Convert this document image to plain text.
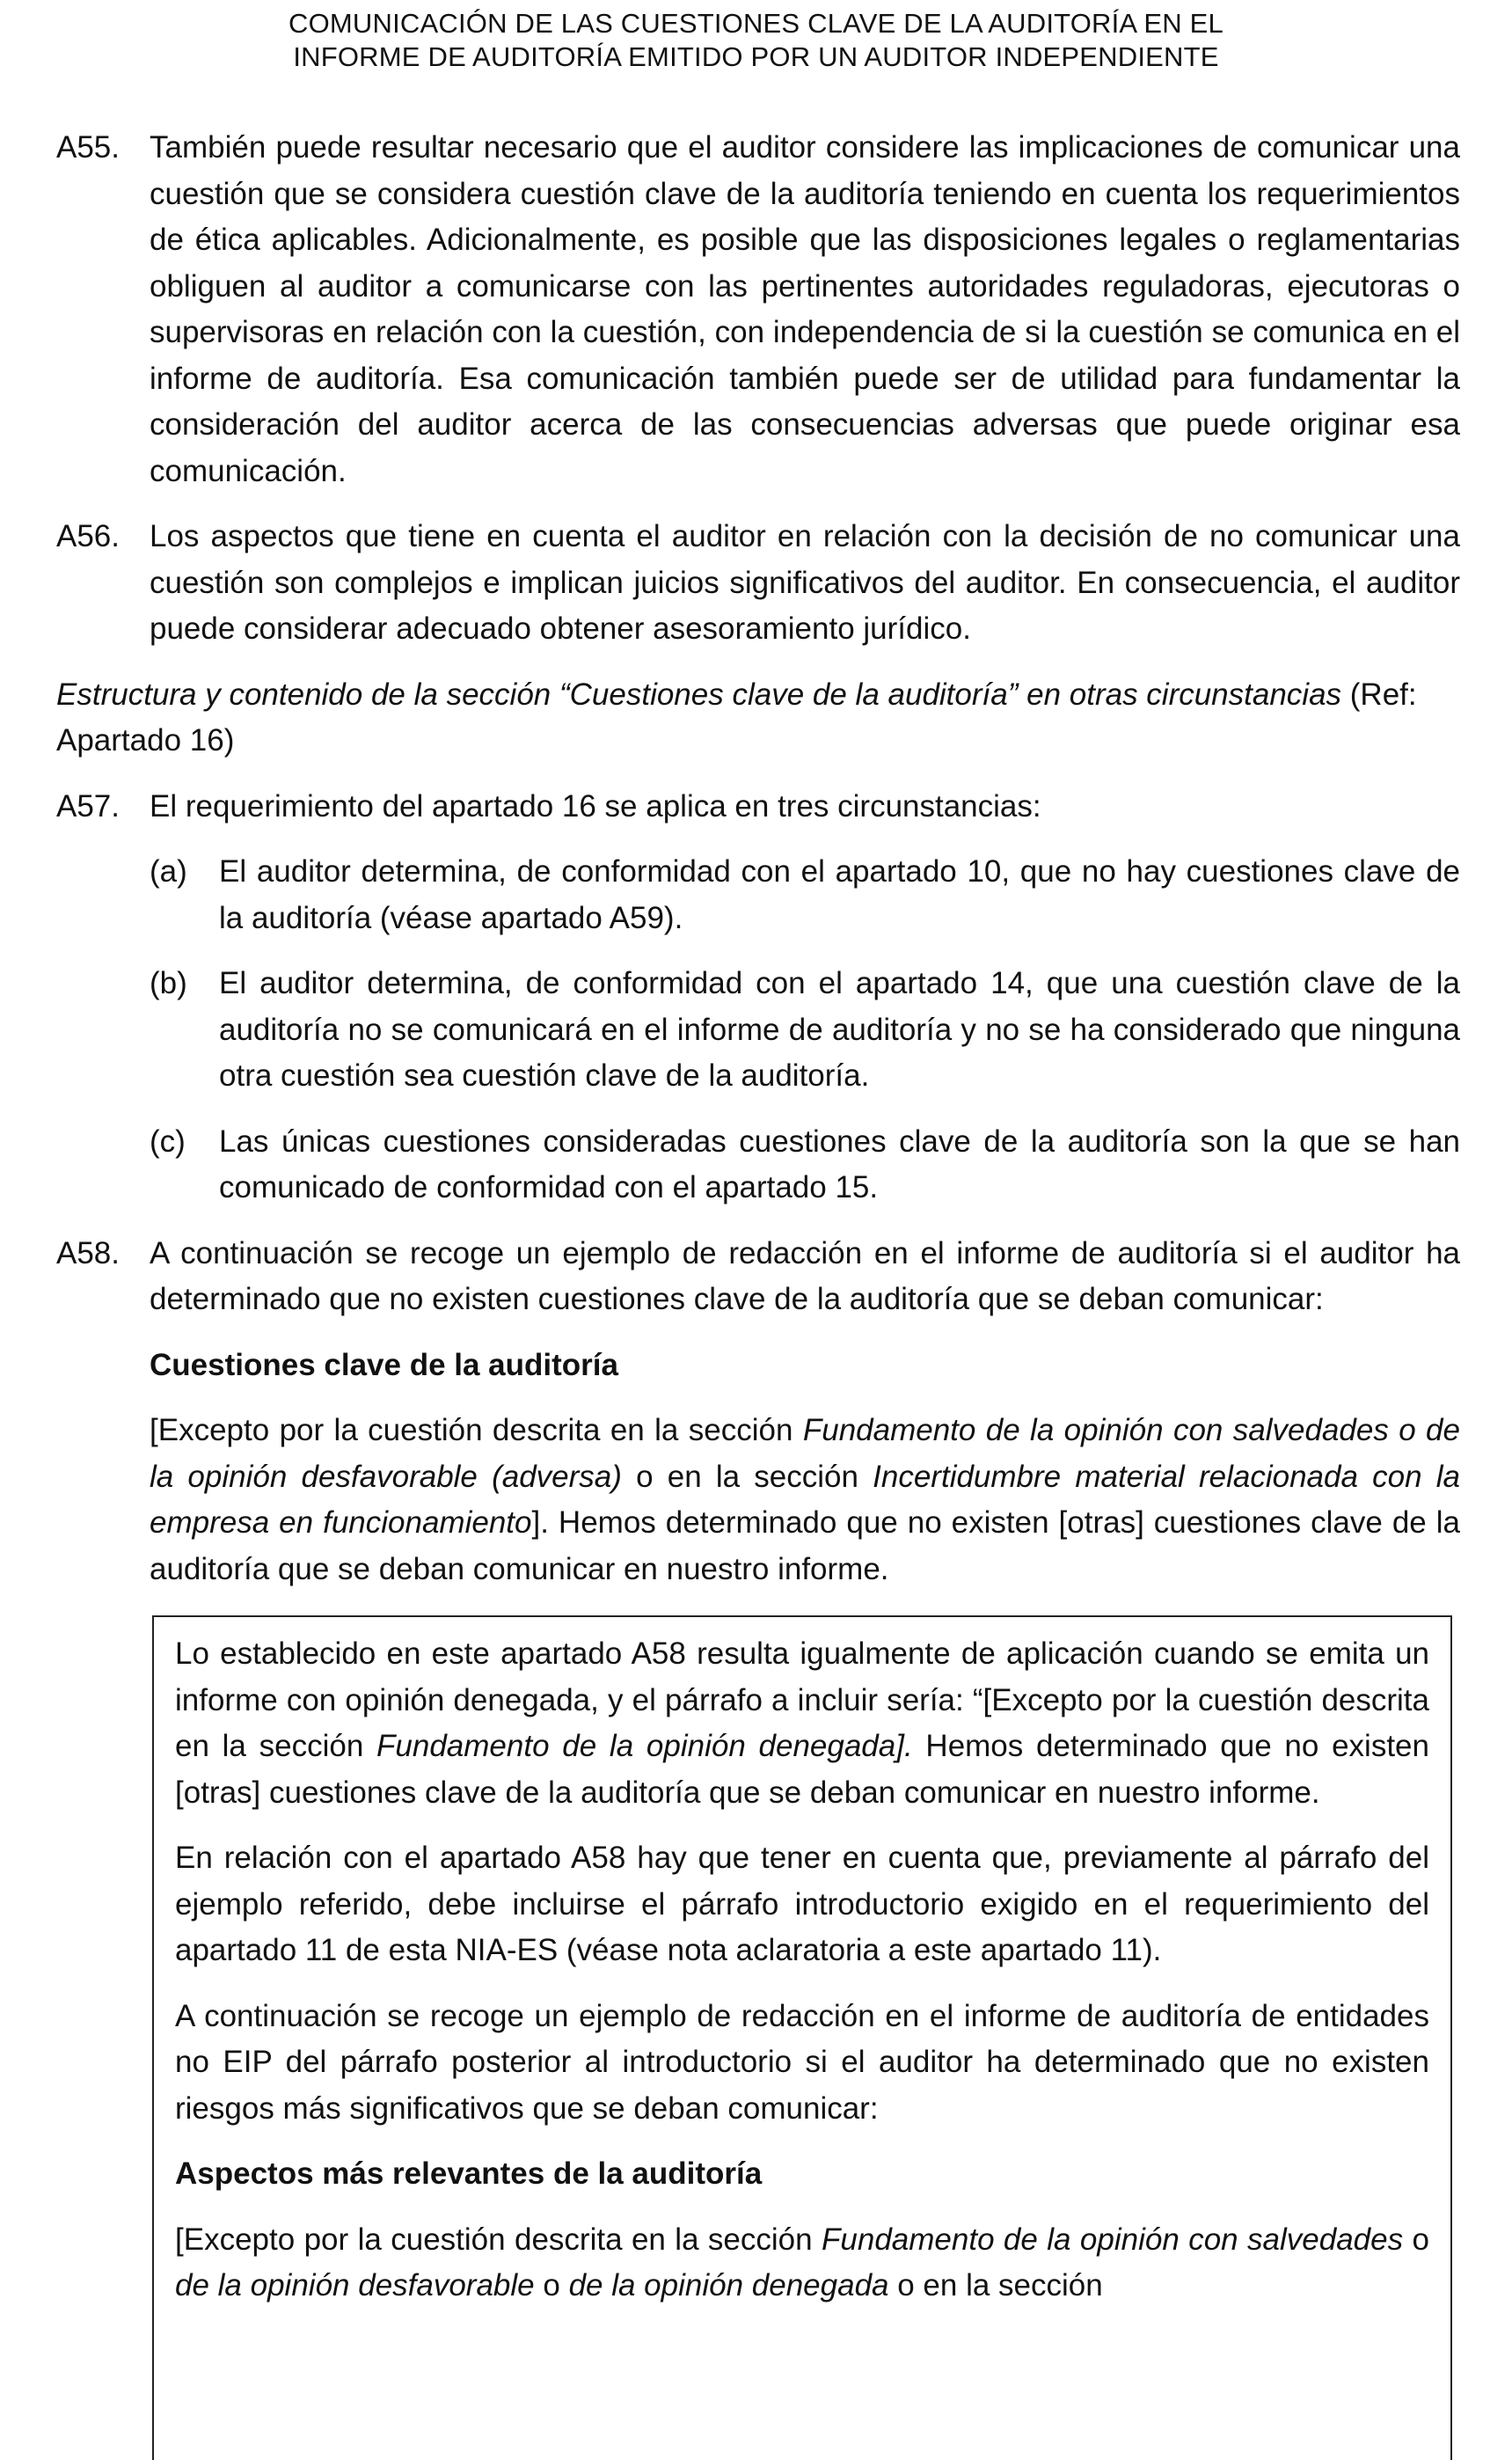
COMUNICACIÓN DE LAS CUESTIONES CLAVE DE LA AUDITORÍA EN EL
INFORME DE AUDITORÍA EMITIDO POR UN AUDITOR INDEPENDIENTE
A55. También puede resultar necesario que el auditor considere las implicaciones de comunicar una cuestión que se considera cuestión clave de la auditoría teniendo en cuenta los requerimientos de ética aplicables. Adicionalmente, es posible que las disposiciones legales o reglamentarias obliguen al auditor a comunicarse con las pertinentes autoridades reguladoras, ejecutoras o supervisoras en relación con la cuestión, con independencia de si la cuestión se comunica en el informe de auditoría. Esa comunicación también puede ser de utilidad para fundamentar la consideración del auditor acerca de las consecuencias adversas que puede originar esa comunicación.
A56. Los aspectos que tiene en cuenta el auditor en relación con la decisión de no comunicar una cuestión son complejos e implican juicios significativos del auditor. En consecuencia, el auditor puede considerar adecuado obtener asesoramiento jurídico.
Estructura y contenido de la sección “Cuestiones clave de la auditoría” en otras circunstancias (Ref: Apartado 16)
A57. El requerimiento del apartado 16 se aplica en tres circunstancias:
(a)	El auditor determina, de conformidad con el apartado 10, que no hay cuestiones clave de la auditoría (véase apartado A59).
(b)	El auditor determina, de conformidad con el apartado 14, que una cuestión clave de la auditoría no se comunicará en el informe de auditoría y no se ha considerado que ninguna otra cuestión sea cuestión clave de la auditoría.
(c)	Las únicas cuestiones consideradas cuestiones clave de la auditoría son la que se han comunicado de conformidad con el apartado 15.
A58. A continuación se recoge un ejemplo de redacción en el informe de auditoría si el auditor ha determinado que no existen cuestiones clave de la auditoría que se deban comunicar:
Cuestiones clave de la auditoría
[Excepto por la cuestión descrita en la sección Fundamento de la opinión con salvedades o de la opinión desfavorable (adversa) o en la sección Incertidumbre material relacionada con la empresa en funcionamiento]. Hemos determinado que no existen [otras] cuestiones clave de la auditoría que se deban comunicar en nuestro informe.

Lo establecido en este apartado A58 resulta igualmente de aplicación cuando se emita un informe con opinión denegada, y el párrafo a incluir sería: “[Excepto por la cuestión descrita en la sección Fundamento de la opinión denegada]. Hemos determinado que no existen [otras] cuestiones clave de la auditoría que se deban comunicar en nuestro informe.

En relación con el apartado A58 hay que tener en cuenta que, previamente al párrafo del ejemplo referido, debe incluirse el párrafo introductorio exigido en el requerimiento del apartado 11 de esta NIA-ES (véase nota aclaratoria a este apartado 11).

A continuación se recoge un ejemplo de redacción en el informe de auditoría de entidades no EIP del párrafo posterior al introductorio si el auditor ha determinado que no existen riesgos más significativos que se deban comunicar:

Aspectos más relevantes de la auditoría

[Excepto por la cuestión descrita en la sección Fundamento de la opinión con salvedades o de la opinión desfavorable o de la opinión denegada o en la sección
